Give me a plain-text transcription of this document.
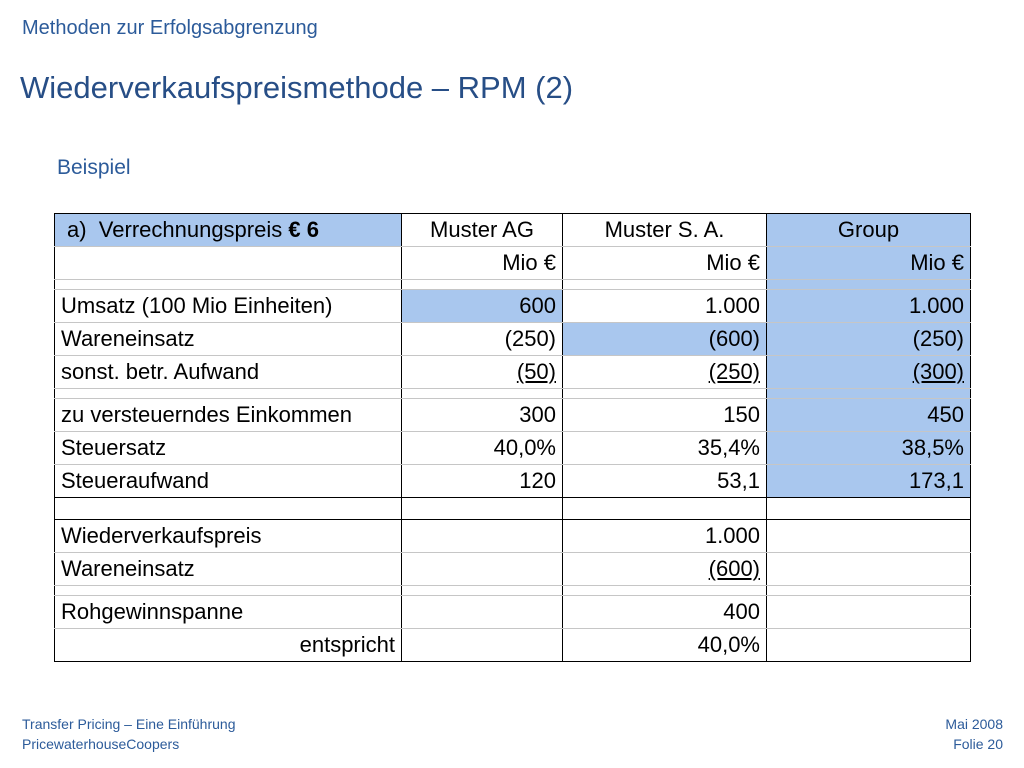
Methoden zur Erfolgsabgrenzung
Wiederverkaufspreismethode – RPM (2)
Beispiel
a) Verrechnungspreis € 6	Muster AG	Muster S. A.	Group
	Mio €	Mio €	Mio €

Umsatz (100 Mio Einheiten)	600	1.000	1.000
Wareneinsatz	(250)	(600)	(250)
sonst. betr. Aufwand	(50)	(250)	(300)

zu versteuerndes Einkommen	300	150	450
Steuersatz	40,0%	35,4%	38,5%
Steueraufwand	120	53,1	173,1

Wiederverkaufspreis		1.000	
Wareneinsatz		(600)	

Rohgewinnspanne		400	
entspricht		40,0%	
Transfer Pricing – Eine Einführung
PricewaterhouseCoopers
Mai 2008
Folie 20
